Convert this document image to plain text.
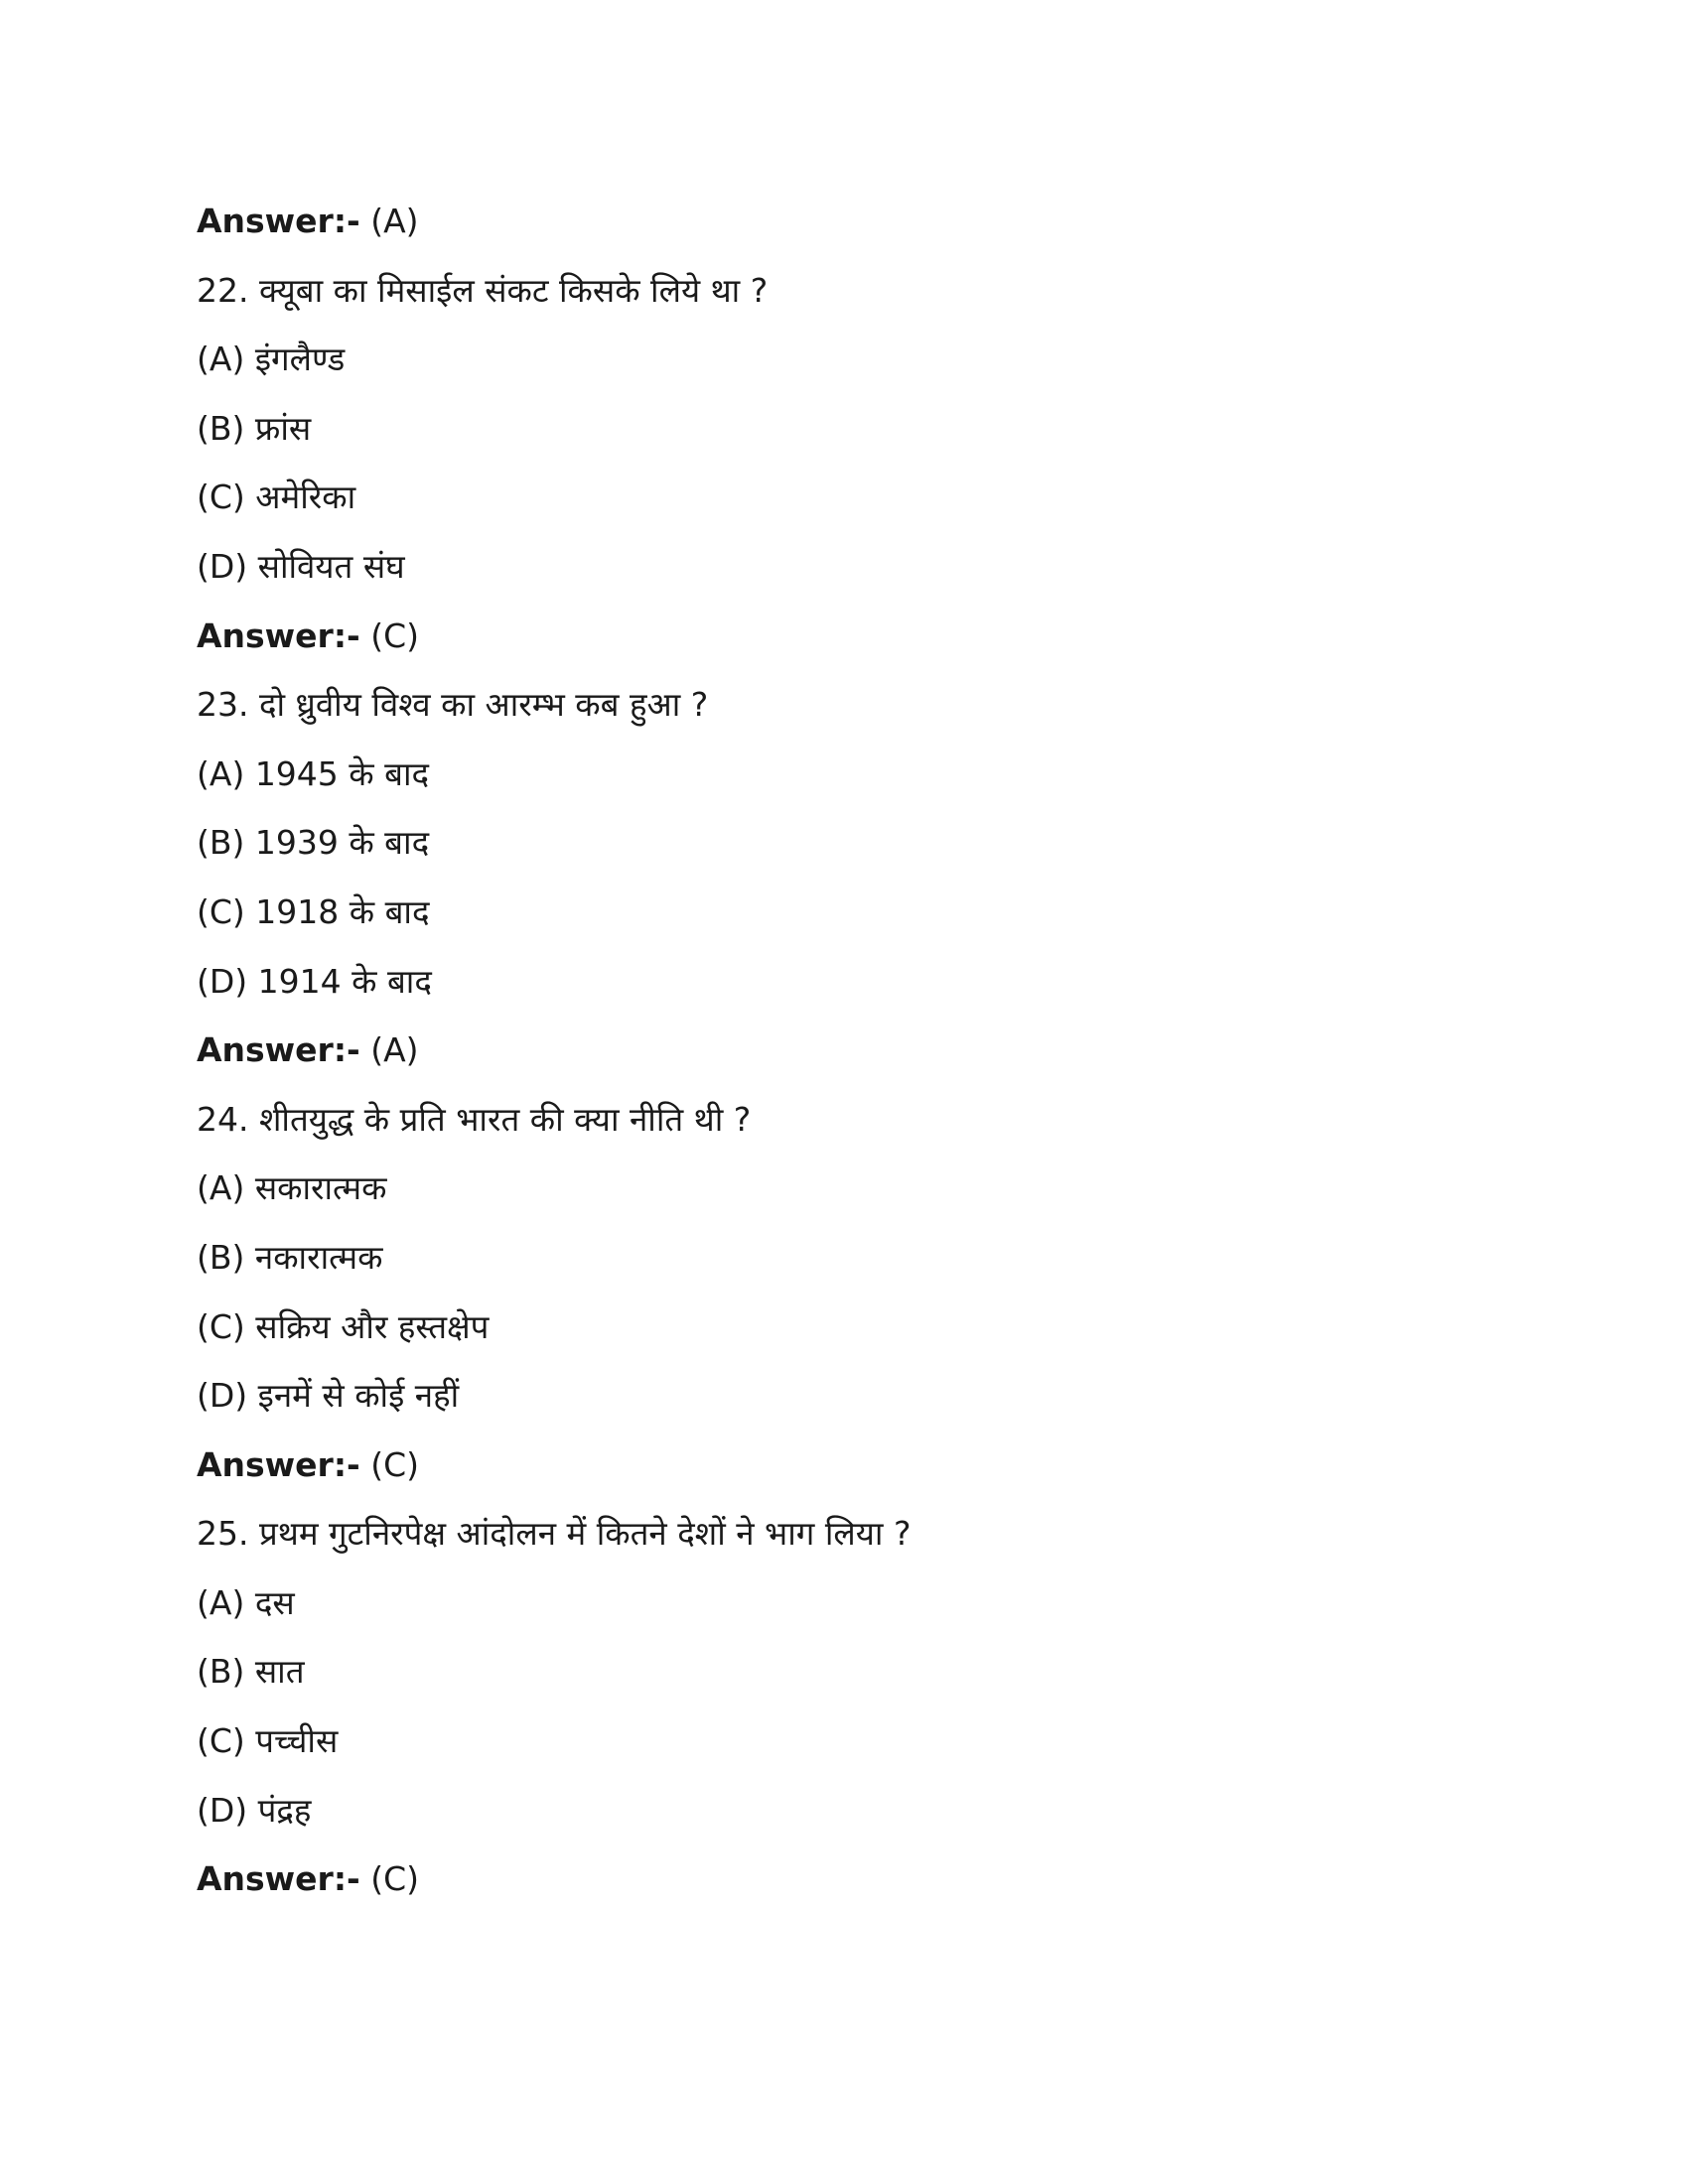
Answer:- (A)
22. क्यूबा का मिसाईल संकट किसके लिये था ?
(A) इंगलैण्ड
(B) फ्रांस
(C) अमेरिका
(D) सोवियत संघ
Answer:- (C)
23. दो ध्रुवीय विश्व का आरम्भ कब हुआ ?
(A) 1945 के बाद
(B) 1939 के बाद
(C) 1918 के बाद
(D) 1914 के बाद
Answer:- (A)
24. शीतयुद्ध के प्रति भारत की क्या नीति थी ?
(A) सकारात्मक
(B) नकारात्मक
(C) सक्रिय और हस्तक्षेप
(D) इनमें से कोई नहीं
Answer:- (C)
25. प्रथम गुटनिरपेक्ष आंदोलन में कितने देशों ने भाग लिया ?
(A) दस
(B) सात
(C) पच्चीस
(D) पंद्रह
Answer:- (C)
